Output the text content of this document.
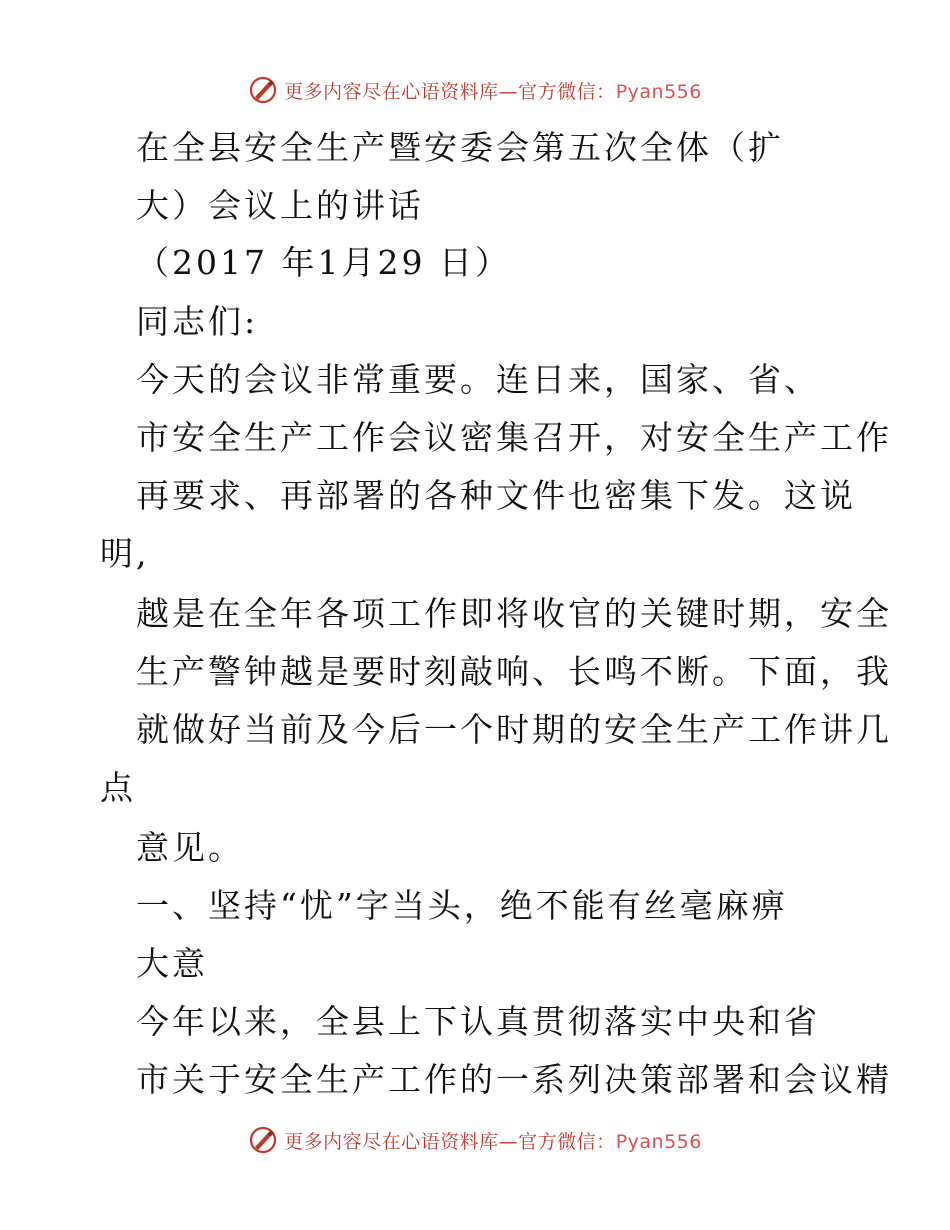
更多内容尽在心语资料库—官方微信：Pyan556
在全县安全生产暨安委会第五次全体（扩
大）会议上的讲话
（2017 年1月29 日）
同志们:
今天的会议非常重要。连日来，国家、省、
市安全生产工作会议密集召开，对安全生产工作
再要求、再部署的各种文件也密集下发。这说
明,
越是在全年各项工作即将收官的关键时期，安全
生产警钟越是要时刻敲响、长鸣不断。下面，我
就做好当前及今后一个时期的安全生产工作讲几
点
意见。
一、坚持“忧”字当头，绝不能有丝毫麻痹
大意
今年以来，全县上下认真贯彻落实中央和省
市关于安全生产工作的一系列决策部署和会议精
更多内容尽在心语资料库—官方微信：Pyan556
